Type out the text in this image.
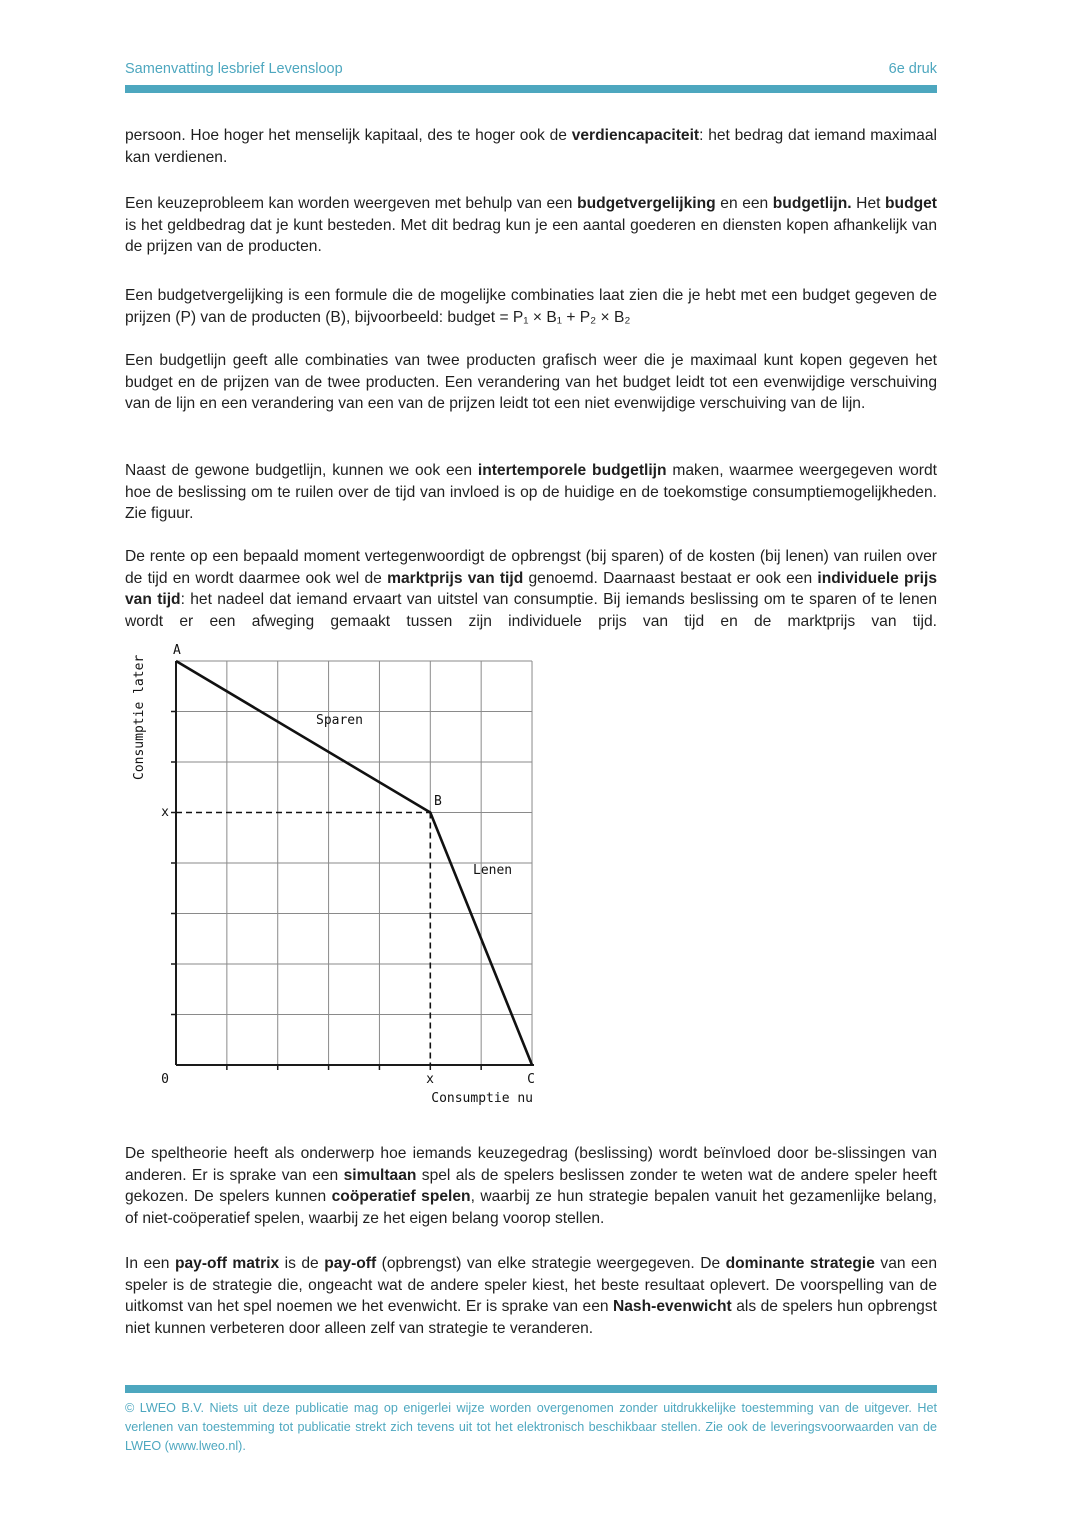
Samenvatting lesbrief Levensloop	6e druk
persoon. Hoe hoger het menselijk kapitaal, des te hoger ook de verdiencapaciteit: het bedrag dat iemand maximaal kan verdienen.
Een keuzeprobleem kan worden weergeven met behulp van een budgetvergelijking en een budgetlijn. Het budget is het geldbedrag dat je kunt besteden. Met dit bedrag kun je een aantal goederen en diensten kopen afhankelijk van de prijzen van de producten.
Een budgetvergelijking is een formule die de mogelijke combinaties laat zien die je hebt met een budget gegeven de prijzen (P) van de producten (B), bijvoorbeeld: budget = P₁ × B₁ + P₂ × B₂
Een budgetlijn geeft alle combinaties van twee producten grafisch weer die je maximaal kunt kopen gegeven het budget en de prijzen van de twee producten. Een verandering van het budget leidt tot een evenwijdige verschuiving van de lijn en een verandering van een van de prijzen leidt tot een niet evenwijdige verschuiving van de lijn.
Naast de gewone budgetlijn, kunnen we ook een intertemporele budgetlijn maken, waarmee weergegeven wordt hoe de beslissing om te ruilen over de tijd van invloed is op de huidige en de toekomstige consumptiemogelijkheden. Zie figuur.
De rente op een bepaald moment vertegenwoordigt de opbrengst (bij sparen) of de kosten (bij lenen) van ruilen over de tijd en wordt daarmee ook wel de marktprijs van tijd genoemd. Daarnaast bestaat er ook een individuele prijs van tijd: het nadeel dat iemand ervaart van uitstel van consumptie. Bij iemands beslissing om te sparen of te lenen wordt er een afweging gemaakt tussen zijn individuele prijs van tijd en de marktprijs van tijd.
A
Sparen
B
x
Lenen
0	x	C
Consumptie nu
Consumptie later
De speltheorie heeft als onderwerp hoe iemands keuzegedrag (beslissing) wordt beïnvloed door be-slissingen van anderen. Er is sprake van een simultaan spel als de spelers beslissen zonder te weten wat de andere speler heeft gekozen. De spelers kunnen coöperatief spelen, waarbij ze hun strategie bepalen vanuit het gezamenlijke belang, of niet-coöperatief spelen, waarbij ze het eigen belang voorop stellen.
In een pay-off matrix is de pay-off (opbrengst) van elke strategie weergegeven. De dominante strategie van een speler is de strategie die, ongeacht wat de andere speler kiest, het beste resultaat oplevert. De voorspelling van de uitkomst van het spel noemen we het evenwicht. Er is sprake van een Nash-evenwicht als de spelers hun opbrengst niet kunnen verbeteren door alleen zelf van strategie te veranderen.
© LWEO B.V. Niets uit deze publicatie mag op enigerlei wijze worden overgenomen zonder uitdrukkelijke toestemming van de uitgever. Het verlenen van toestemming tot publicatie strekt zich tevens uit tot het elektronisch beschikbaar stellen. Zie ook de leveringsvoorwaarden van de LWEO (www.lweo.nl).
